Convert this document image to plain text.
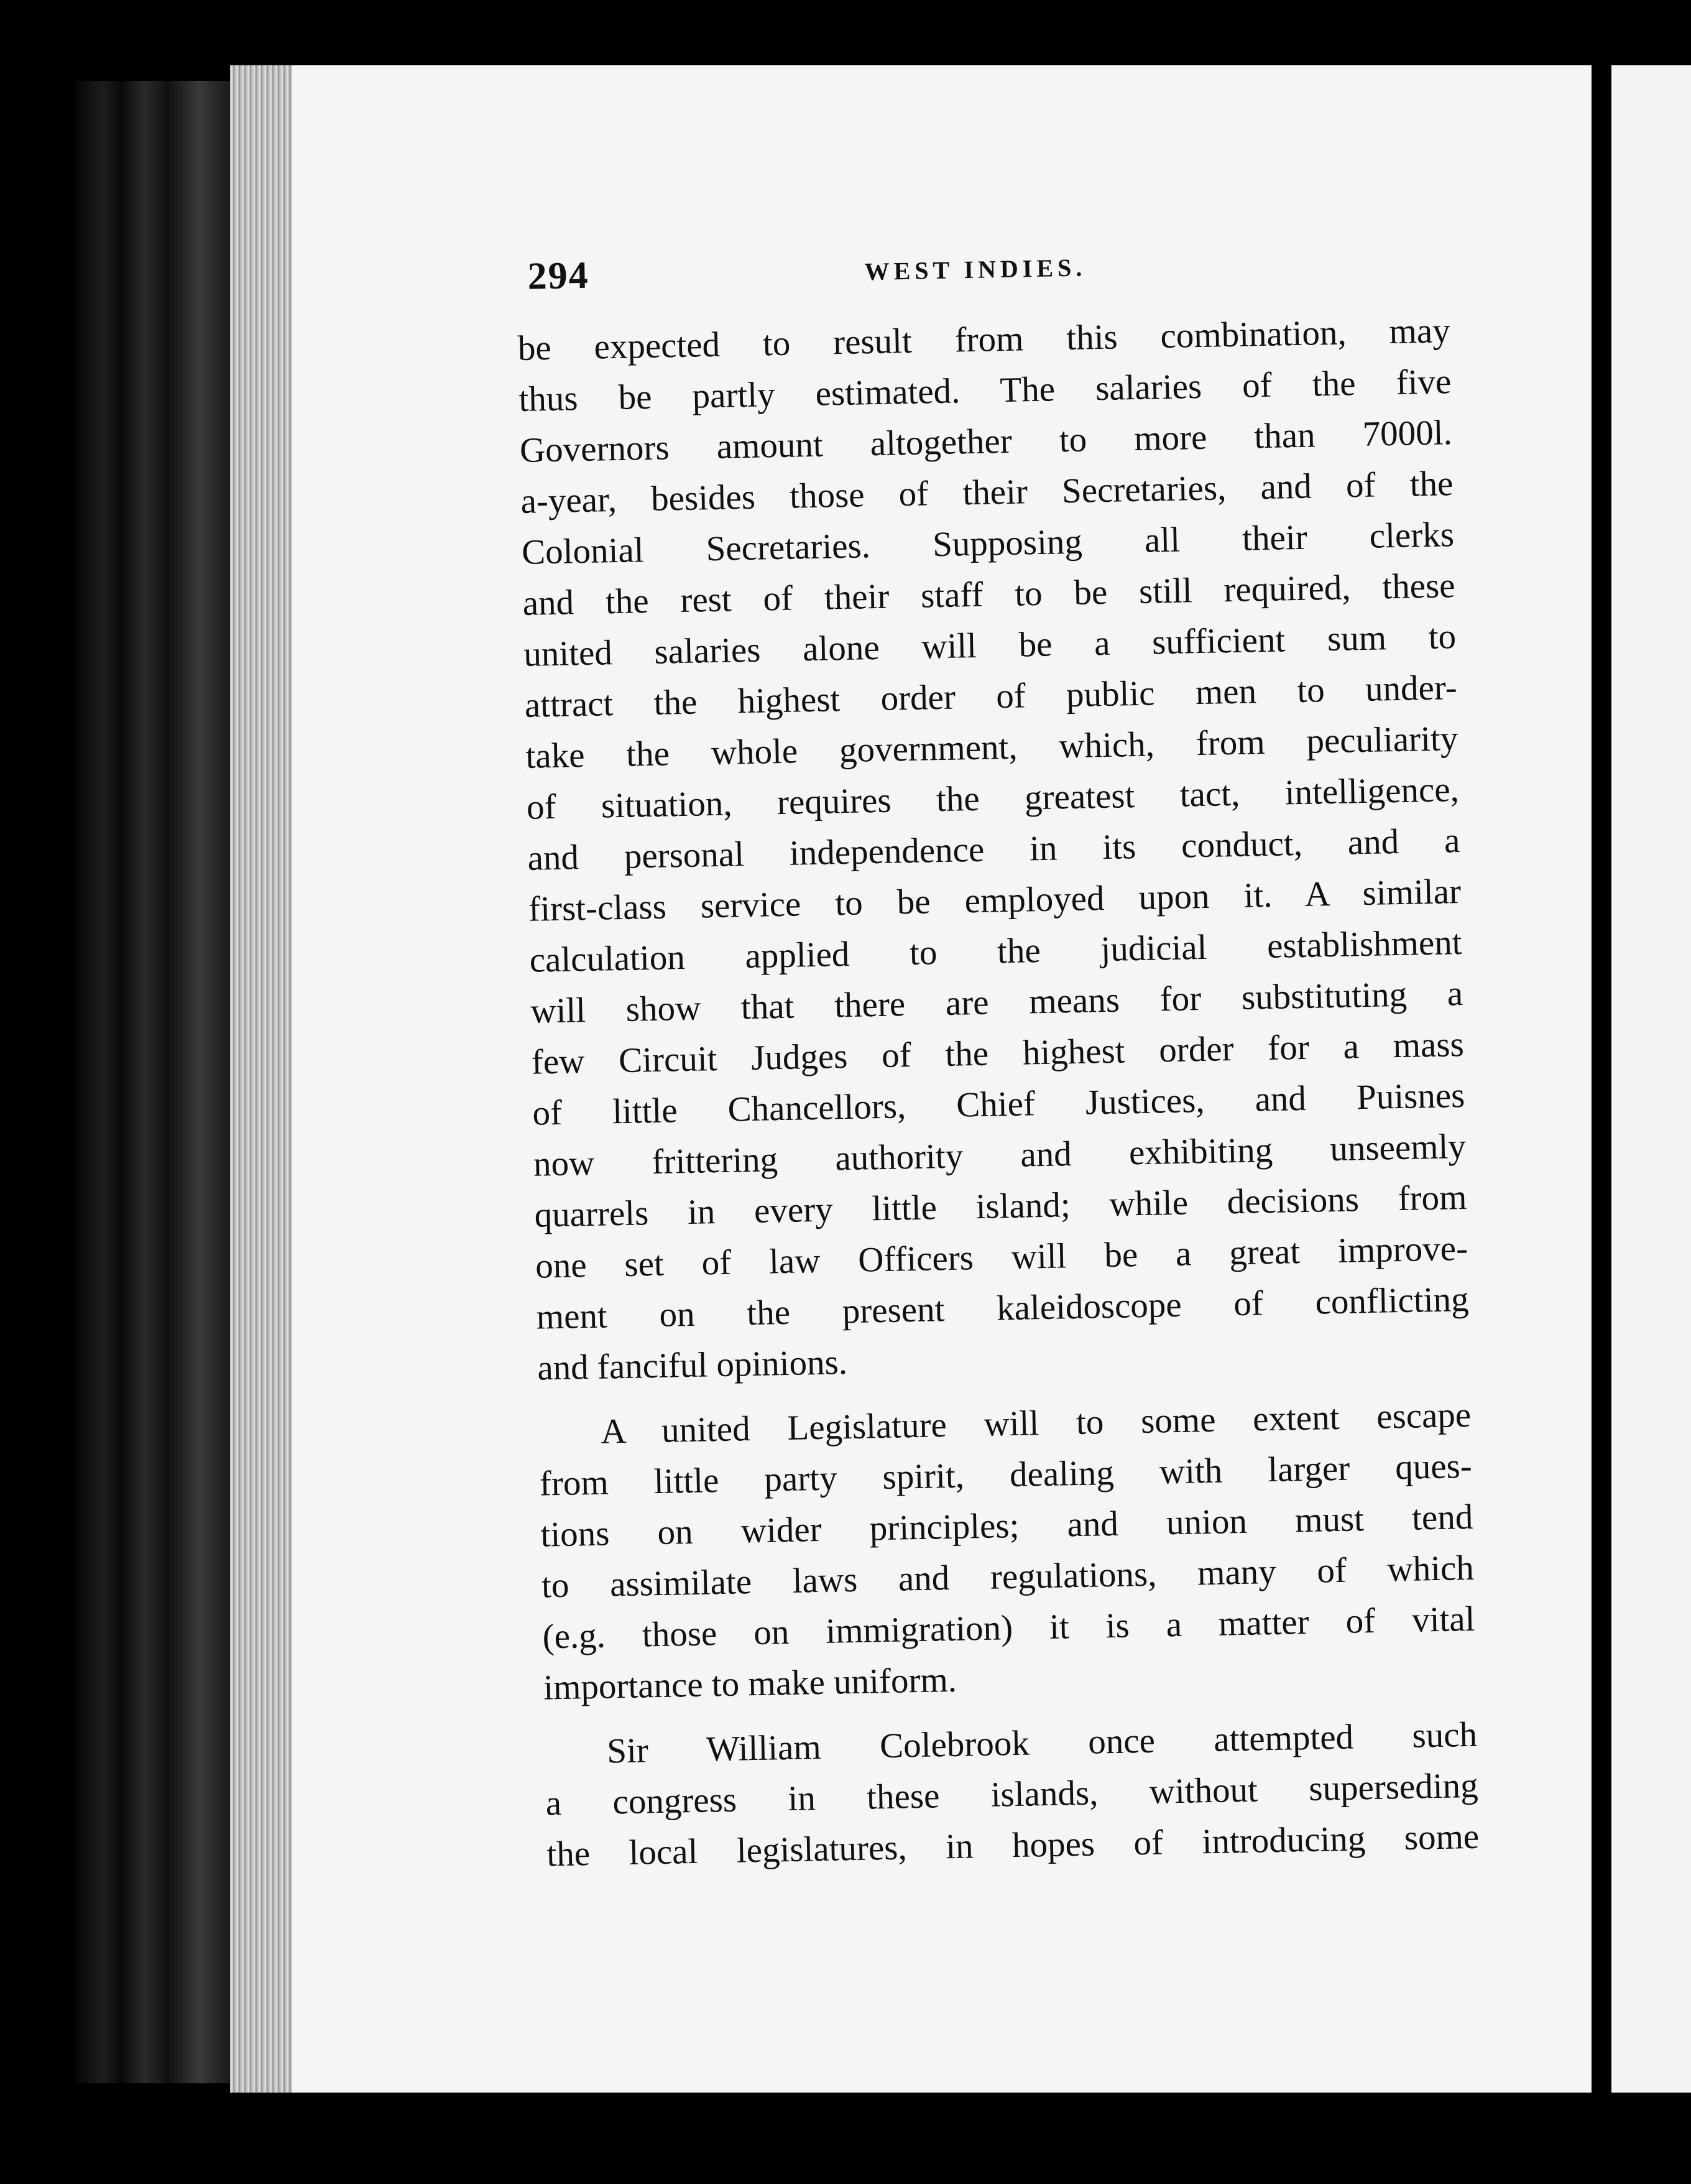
294	WEST INDIES.
be expected to result from this combination, may
thus be partly estimated. The salaries of the five
Governors amount altogether to more than 7000l.
a-year, besides those of their Secretaries, and of the
Colonial Secretaries. Supposing all their clerks
and the rest of their staff to be still required, these
united salaries alone will be a sufficient sum to
attract the highest order of public men to under-
take the whole government, which, from peculiarity
of situation, requires the greatest tact, intelligence,
and personal independence in its conduct, and a
first-class service to be employed upon it. A similar
calculation applied to the judicial establishment
will show that there are means for substituting a
few Circuit Judges of the highest order for a mass
of little Chancellors, Chief Justices, and Puisnes
now frittering authority and exhibiting unseemly
quarrels in every little island; while decisions from
one set of law Officers will be a great improve-
ment on the present kaleidoscope of conflicting
and fanciful opinions.
A united Legislature will to some extent escape
from little party spirit, dealing with larger ques-
tions on wider principles; and union must tend
to assimilate laws and regulations, many of which
(e.g. those on immigration) it is a matter of vital
importance to make uniform.
Sir William Colebrook once attempted such
a congress in these islands, without superseding
the local legislatures, in hopes of introducing some
